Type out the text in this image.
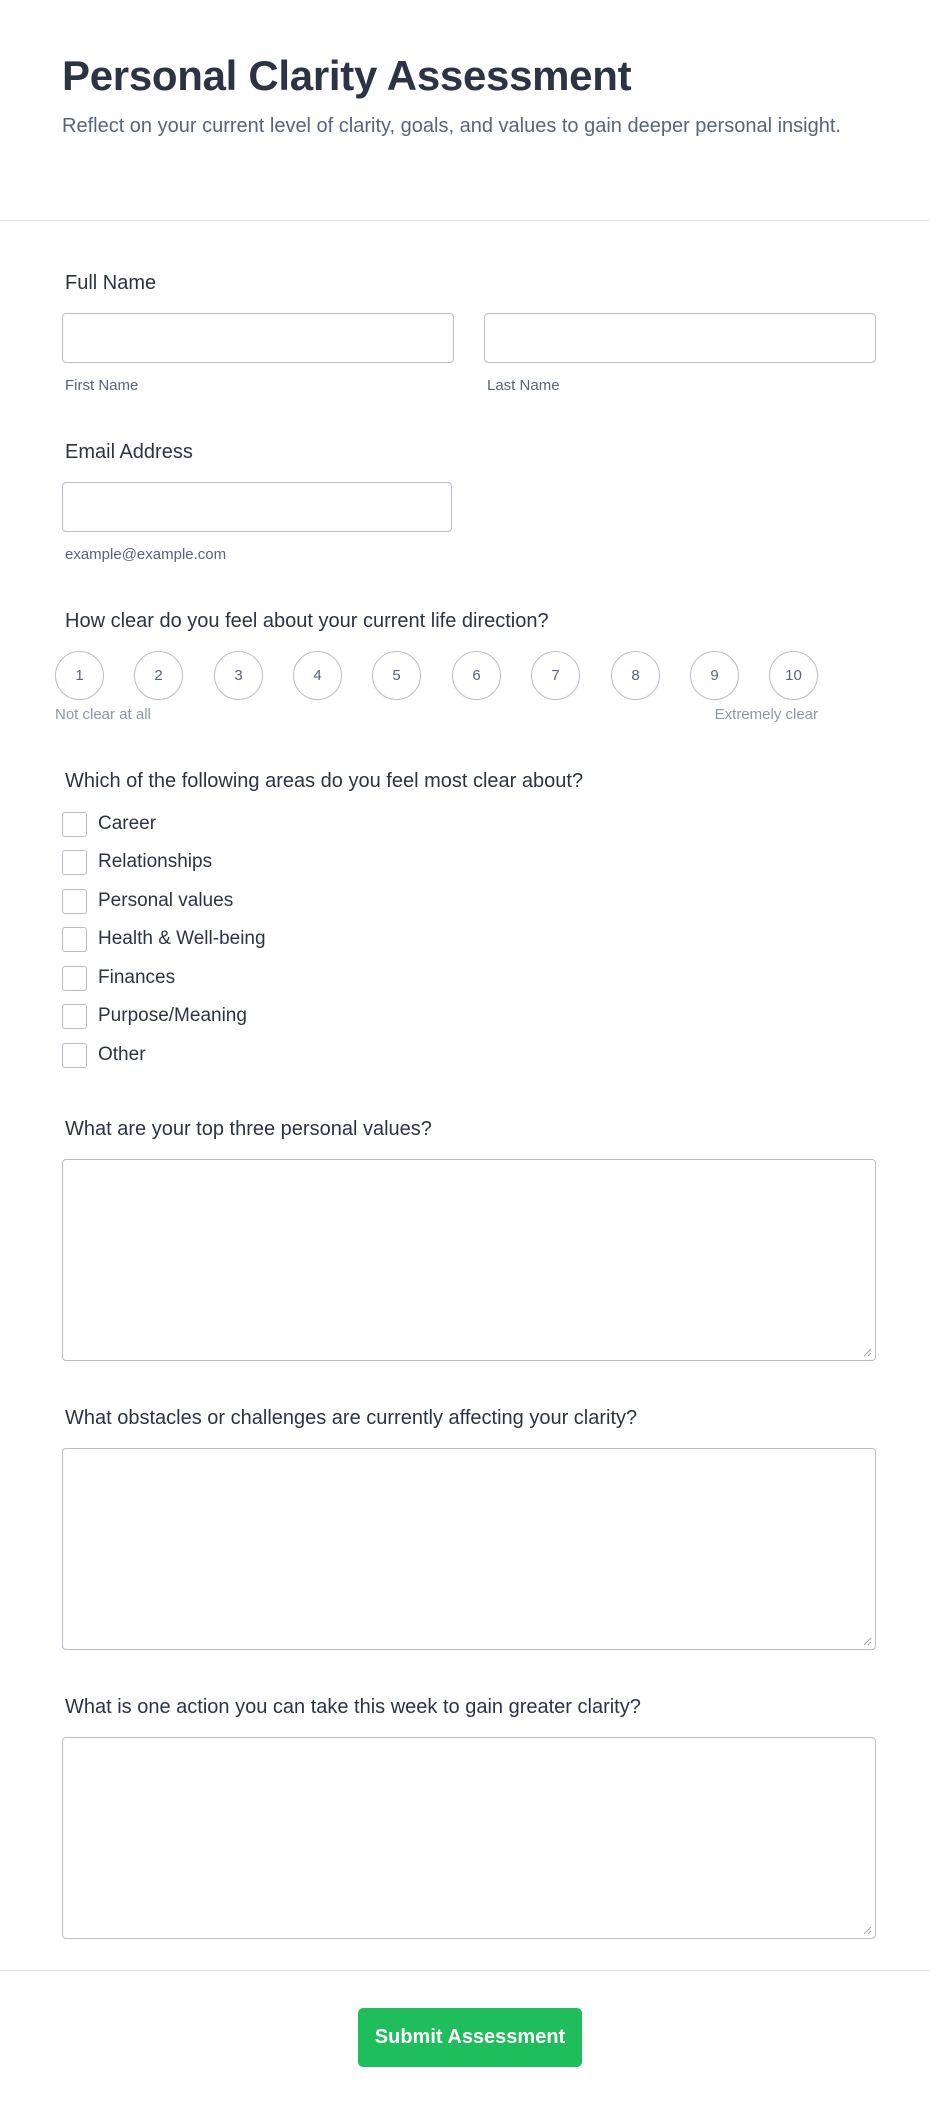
Personal Clarity Assessment
Reflect on your current level of clarity, goals, and values to gain deeper personal insight.
Full Name
First Name	Last Name
Email Address
example@example.com
How clear do you feel about your current life direction?
1	2	3	4	5	6	7	8	9	10
Not clear at all	Extremely clear
Which of the following areas do you feel most clear about?
Career
Relationships
Personal values
Health & Well-being
Finances
Purpose/Meaning
Other
What are your top three personal values?
What obstacles or challenges are currently affecting your clarity?
What is one action you can take this week to gain greater clarity?
Submit Assessment
